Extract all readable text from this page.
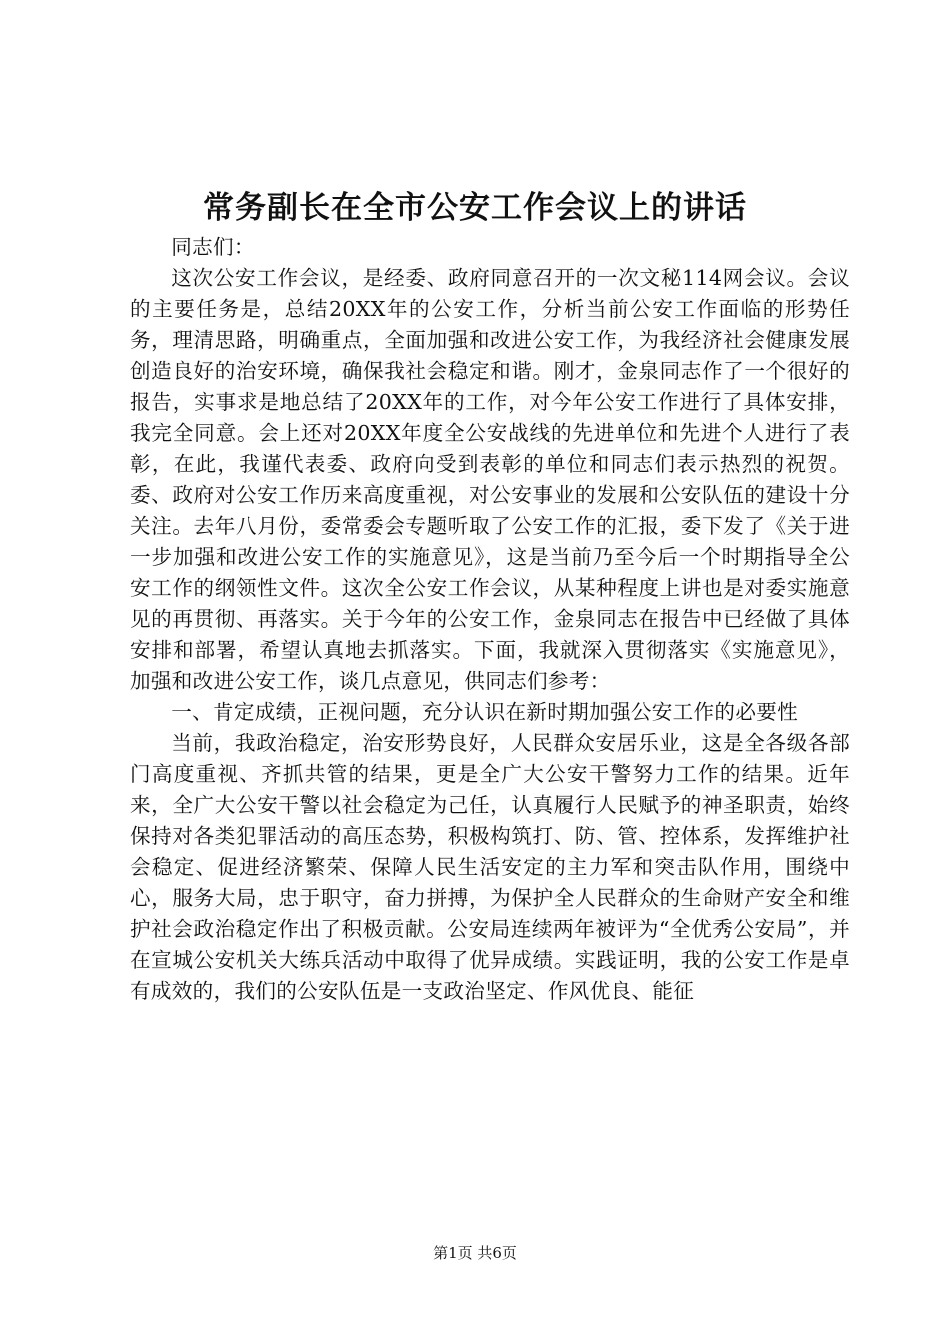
常务副长在全市公安工作会议上的讲话

同志们：

这次公安工作会议，是经委、政府同意召开的一次文秘114网会议。会议的主要任务是，总结20XX年的公安工作，分析当前公安工作面临的形势任务，理清思路，明确重点，全面加强和改进公安工作，为我经济社会健康发展创造良好的治安环境，确保我社会稳定和谐。刚才，金泉同志作了一个很好的报告，实事求是地总结了20XX年的工作，对今年公安工作进行了具体安排，我完全同意。会上还对20XX年度全公安战线的先进单位和先进个人进行了表彰，在此，我谨代表委、政府向受到表彰的单位和同志们表示热烈的祝贺。委、政府对公安工作历来高度重视，对公安事业的发展和公安队伍的建设十分关注。去年八月份，委常委会专题听取了公安工作的汇报，委下发了《关于进一步加强和改进公安工作的实施意见》，这是当前乃至今后一个时期指导全公安工作的纲领性文件。这次全公安工作会议，从某种程度上讲也是对委实施意见的再贯彻、再落实。关于今年的公安工作，金泉同志在报告中已经做了具体安排和部署，希望认真地去抓落实。下面，我就深入贯彻落实《实施意见》，加强和改进公安工作，谈几点意见，供同志们参考：

一、肯定成绩，正视问题，充分认识在新时期加强公安工作的必要性

当前，我政治稳定，治安形势良好，人民群众安居乐业，这是全各级各部门高度重视、齐抓共管的结果，更是全广大公安干警努力工作的结果。近年来，全广大公安干警以社会稳定为己任，认真履行人民赋予的神圣职责，始终保持对各类犯罪活动的高压态势，积极构筑打、防、管、控体系，发挥维护社会稳定、促进经济繁荣、保障人民生活安定的主力军和突击队作用，围绕中心，服务大局，忠于职守，奋力拼搏，为保护全人民群众的生命财产安全和维护社会政治稳定作出了积极贡献。公安局连续两年被评为“全优秀公安局”，并在宣城公安机关大练兵活动中取得了优异成绩。实践证明，我的公安工作是卓有成效的，我们的公安队伍是一支政治坚定、作风优良、能征

第1页 共6页
